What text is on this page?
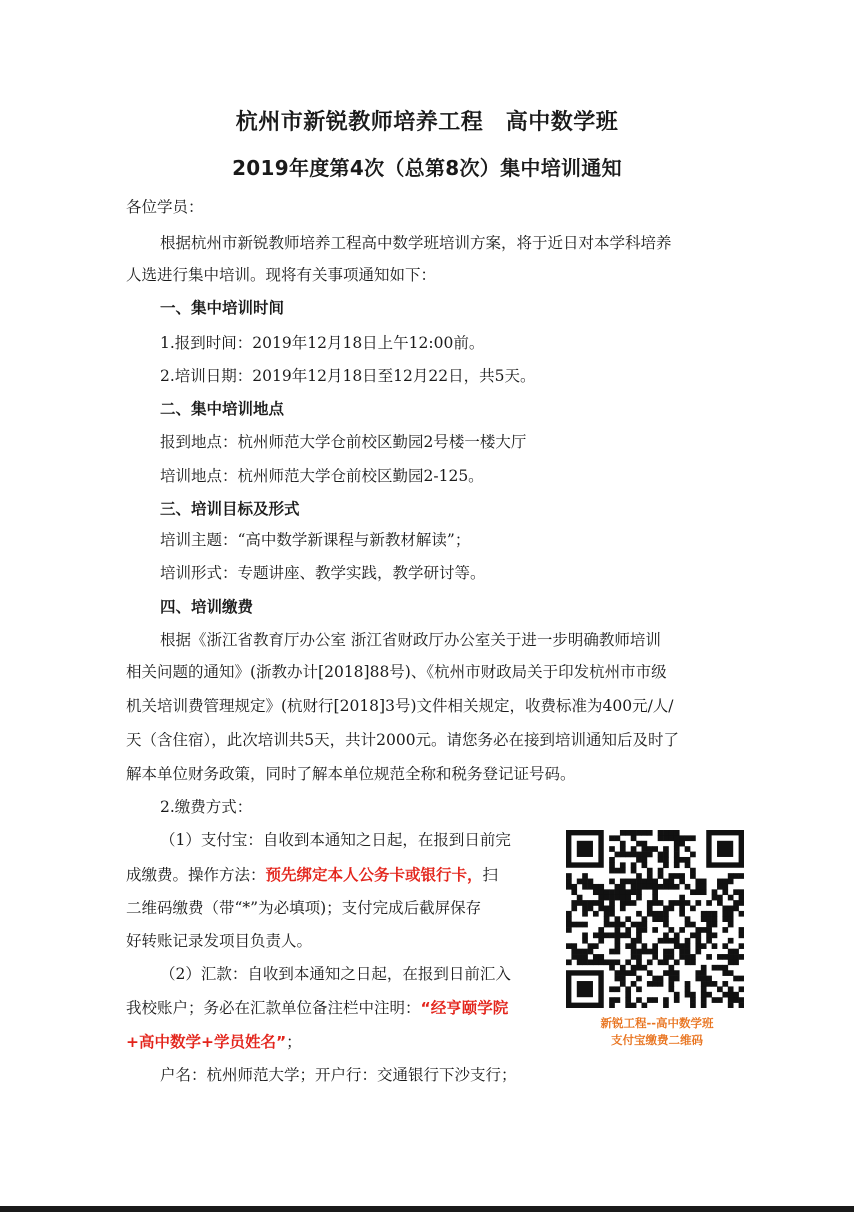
杭州市新锐教师培养工程　高中数学班
2019年度第4次（总第8次）集中培训通知
各位学员：
根据杭州市新锐教师培养工程高中数学班培训方案，将于近日对本学科培养
人选进行集中培训。现将有关事项通知如下：
一、集中培训时间
1.报到时间：2019年12月18日上午12:00前。
2.培训日期：2019年12月18日至12月22日，共5天。
二、集中培训地点
报到地点：杭州师范大学仓前校区勤园2号楼一楼大厅
培训地点：杭州师范大学仓前校区勤园2-125。
三、培训目标及形式
培训主题：“高中数学新课程与新教材解读”；
培训形式：专题讲座、教学实践，教学研讨等。
四、培训缴费
根据《浙江省教育厅办公室 浙江省财政厅办公室关于进一步明确教师培训
相关问题的通知》(浙教办计[2018]88号)、《杭州市财政局关于印发杭州市市级
机关培训费管理规定》(杭财行[2018]3号)文件相关规定，收费标准为400元/人/
天（含住宿），此次培训共5天，共计2000元。请您务必在接到培训通知后及时了
解本单位财务政策，同时了解本单位规范全称和税务登记证号码。
2.缴费方式：
（1）支付宝：自收到本通知之日起，在报到日前完
成缴费。操作方法：预先绑定本人公务卡或银行卡，扫
二维码缴费（带“*”为必填项)；支付完成后截屏保存
好转账记录发项目负责人。
（2）汇款：自收到本通知之日起，在报到日前汇入
我校账户；务必在汇款单位备注栏中注明：“经亨颐学院
+高中数学+学员姓名”；
户名：杭州师范大学；开户行：交通银行下沙支行；
新锐工程--高中数学班
支付宝缴费二维码
